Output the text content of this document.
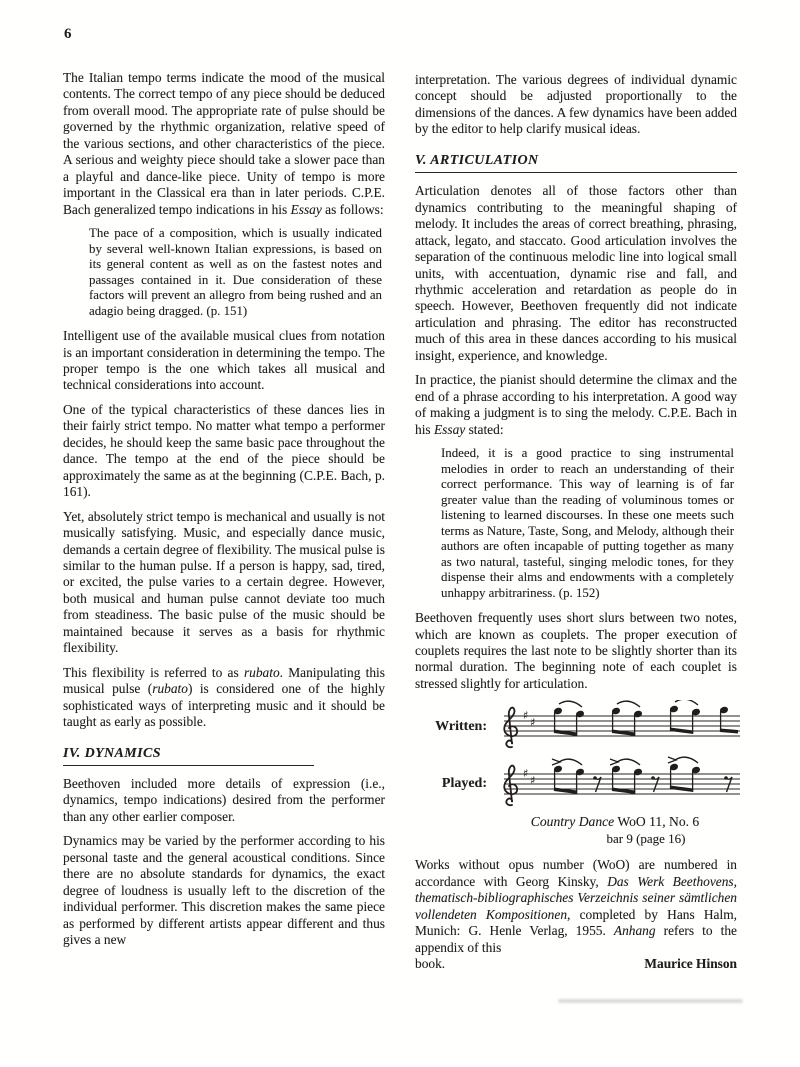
6

The Italian tempo terms indicate the mood of the musical contents. The correct tempo of any piece should be deduced from overall mood. The appropriate rate of pulse should be governed by the rhythmic organization, relative speed of the various sections, and other characteristics of the piece. A serious and weighty piece should take a slower pace than a playful and dance-like piece. Unity of tempo is more important in the Classical era than in later periods. C.P.E. Bach generalized tempo indications in his Essay as follows:

The pace of a composition, which is usually indicated by several well-known Italian expressions, is based on its general content as well as on the fastest notes and passages contained in it. Due consideration of these factors will prevent an allegro from being rushed and an adagio being dragged. (p. 151)

Intelligent use of the available musical clues from notation is an important consideration in determining the tempo. The proper tempo is the one which takes all musical and technical considerations into account.

One of the typical characteristics of these dances lies in their fairly strict tempo. No matter what tempo a performer decides, he should keep the same basic pace throughout the dance. The tempo at the end of the piece should be approximately the same as at the beginning (C.P.E. Bach, p. 161).

Yet, absolutely strict tempo is mechanical and usually is not musically satisfying. Music, and especially dance music, demands a certain degree of flexibility. The musical pulse is similar to the human pulse. If a person is happy, sad, tired, or excited, the pulse varies to a certain degree. However, both musical and human pulse cannot deviate too much from steadiness. The basic pulse of the music should be maintained because it serves as a basis for rhythmic flexibility.

This flexibility is referred to as rubato. Manipulating this musical pulse (rubato) is considered one of the highly sophisticated ways of interpreting music and it should be taught as early as possible.

IV. DYNAMICS

Beethoven included more details of expression (i.e., dynamics, tempo indications) desired from the performer than any other earlier composer.

Dynamics may be varied by the performer according to his personal taste and the general acoustical conditions. Since there are no absolute standards for dynamics, the exact degree of loudness is usually left to the discretion of the individual performer. This discretion makes the same piece as performed by different artists appear different and thus gives a new

interpretation. The various degrees of individual dynamic concept should be adjusted proportionally to the dimensions of the dances. A few dynamics have been added by the editor to help clarify musical ideas.

V. ARTICULATION

Articulation denotes all of those factors other than dynamics contributing to the meaningful shaping of melody. It includes the areas of correct breathing, phrasing, attack, legato, and staccato. Good articulation involves the separation of the continuous melodic line into logical small units, with accentuation, dynamic rise and fall, and rhythmic acceleration and retardation as people do in speech. However, Beethoven frequently did not indicate articulation and phrasing. The editor has reconstructed much of this area in these dances according to his musical insight, experience, and knowledge.

In practice, the pianist should determine the climax and the end of a phrase according to his interpretation. A good way of making a judgment is to sing the melody. C.P.E. Bach in his Essay stated:

Indeed, it is a good practice to sing instrumental melodies in order to reach an understanding of their correct performance. This way of learning is of far greater value than the reading of voluminous tomes or listening to learned discourses. In these one meets such terms as Nature, Taste, Song, and Melody, although their authors are often incapable of putting together as many as two natural, tasteful, singing melodic tones, for they dispense their alms and endowments with a completely unhappy arbitrariness. (p. 152)

Beethoven frequently uses short slurs between two notes, which are known as couplets. The proper execution of couplets requires the last note to be slightly shorter than its normal duration. The beginning note of each couplet is stressed slightly for articulation.

Written:
♯
♯
Played:
♯
♯
Country Dance WoO 11, No. 6
bar 9 (page 16)

Works without opus number (WoO) are numbered in accordance with Georg Kinsky, Das Werk Beethovens, thematisch-bibliographisches Verzeichnis seiner sämtlichen vollendeten Kompositionen, completed by Hans Halm, Munich: G. Henle Verlag, 1955. Anhang refers to the appendix of this

book.	Maurice Hinson
